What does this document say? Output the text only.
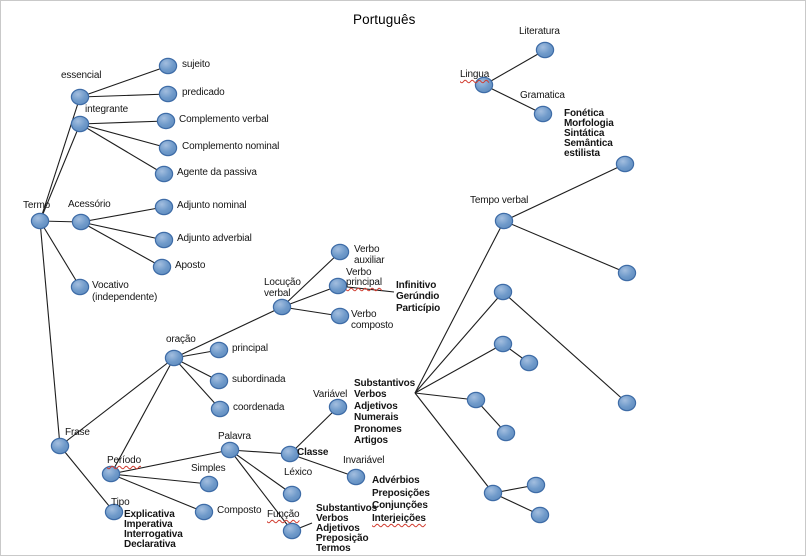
Português
Termo
essencial
integrante
sujeito
predicado
Complemento verbal
Complemento nominal
Agente da passiva
Acessório	Adjunto nominal
Adjunto adverbial
Aposto
Vocativo
(independente)
Frase
oração
principal
subordinada
coordenada
Período
Simples
Composto
Tipo
Explicativa
Imperativa
Interrogativa
Declarativa
Palavra
Classe
Léxico
Função
Substantivos
Verbos
Adjetivos
Preposição
Termos
Variável
Substantivos
Verbos
Adjetivos
Numerais
Pronomes
Artigos
Invariável
Advérbios
Preposições
Conjunções
Interjeições
Locução
verbal
Verbo
auxiliar
Verbo
principal
Verbo
composto
Infinitivo
Gerúndio
Particípio
Lingua
Literatura
Gramatica
Fonética
Morfologia
Sintática
Semântica
estilista
Tempo verbal
